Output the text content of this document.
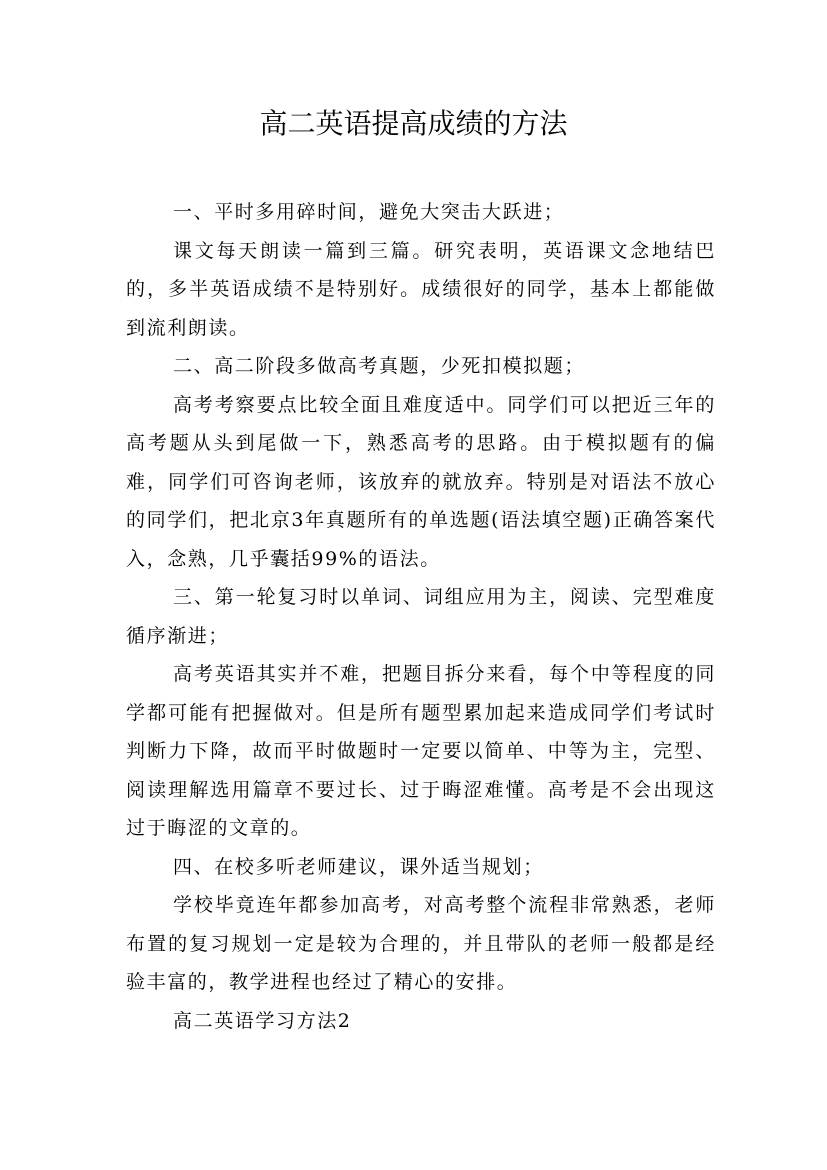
高二英语提高成绩的方法

一、平时多用碎时间，避免大突击大跃进；

课文每天朗读一篇到三篇。研究表明，英语课文念地结巴的，多半英语成绩不是特别好。成绩很好的同学，基本上都能做到流利朗读。

二、高二阶段多做高考真题，少死扣模拟题；

高考考察要点比较全面且难度适中。同学们可以把近三年的高考题从头到尾做一下，熟悉高考的思路。由于模拟题有的偏难，同学们可咨询老师，该放弃的就放弃。特别是对语法不放心的同学们，把北京3年真题所有的单选题(语法填空题)正确答案代入，念熟，几乎囊括99%的语法。

三、第一轮复习时以单词、词组应用为主，阅读、完型难度循序渐进；

高考英语其实并不难，把题目拆分来看，每个中等程度的同学都可能有把握做对。但是所有题型累加起来造成同学们考试时判断力下降，故而平时做题时一定要以简单、中等为主，完型、阅读理解选用篇章不要过长、过于晦涩难懂。高考是不会出现这过于晦涩的文章的。

四、在校多听老师建议，课外适当规划；

学校毕竟连年都参加高考，对高考整个流程非常熟悉，老师布置的复习规划一定是较为合理的，并且带队的老师一般都是经验丰富的，教学进程也经过了精心的安排。

高二英语学习方法2
